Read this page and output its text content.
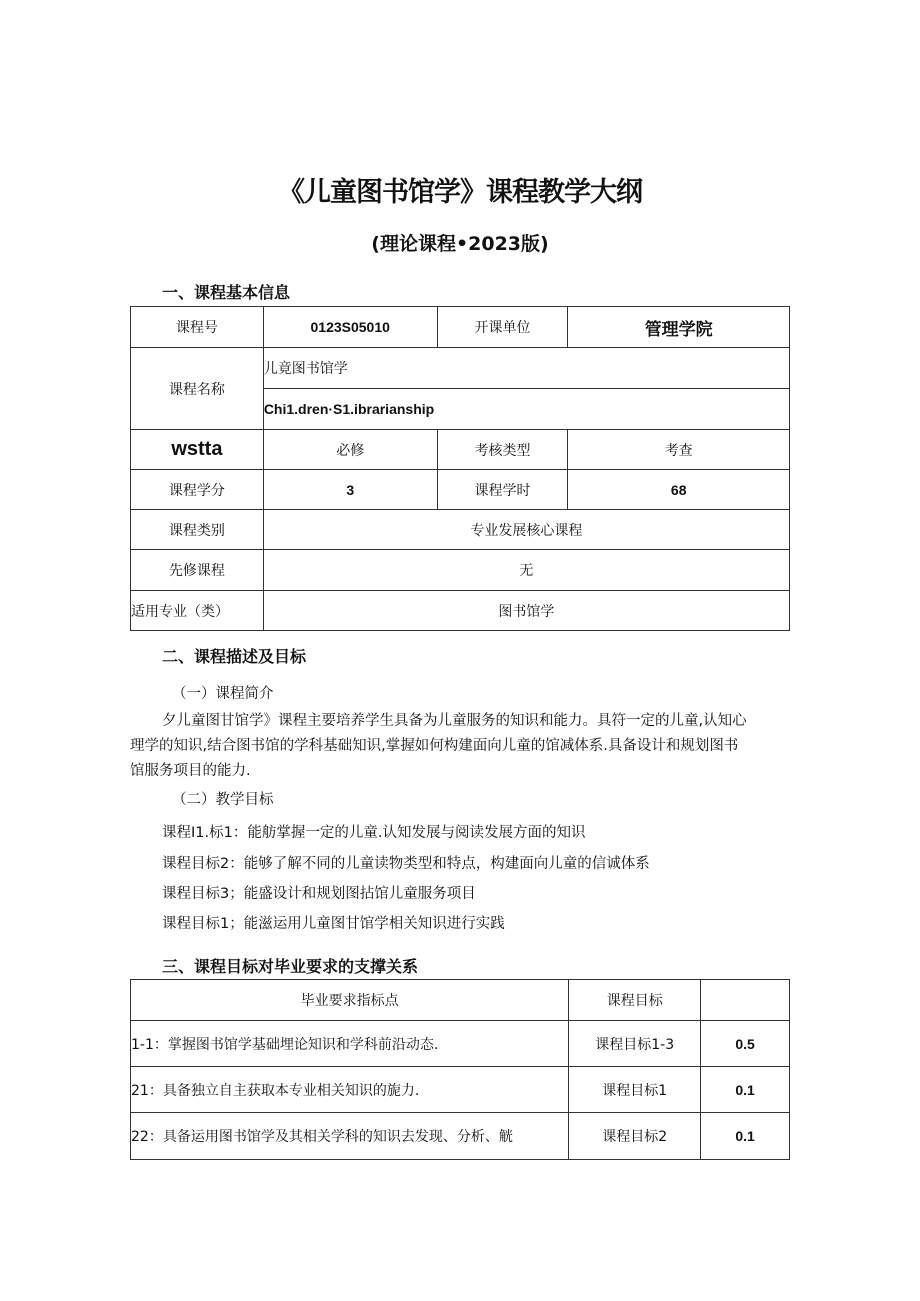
《儿童图书馆学》课程教学大纲
(理论课程•2023版)
一、课程基本信息
课程号	0123S05010	开课单位	管理学院
课程名称	儿竟图书馆学		
	Chi1.dren·S1.ibrarianship		
wstta	必修	考核类型	考查
课程学分	3	课程学时	68
课程类别	专业发展核心课程		
先修课程	无		
适用专业（类）	图书馆学		
二、课程描述及目标
（一）课程简介
夕儿童图甘馆学》课程主要培养学生具备为儿童服务的知识和能力。具符一定的儿童,认知心
理学的知识,结合图书馆的学科基础知识,掌握如何构建面向儿童的馆减体系.具备设计和规划图书
馆服务项目的能力.
（二）教学目标
课程I1.标1：能舫掌握一定的儿童.认知发展与阅读发展方面的知识
课程目标2：能够了解不同的儿童读物类型和特点，构建面向儿童的信诚体系
课程目标3；能盛设计和规划图拈馆儿童服务项目
课程目标1；能滋运用儿童图甘馆学相关知识进行实践
三、课程目标对毕业要求的支撑关系
毕业要求指标点	课程目标	
1-1：掌握图书馆学基础埋论知识和学科前沿动态.	课程目标1-3	0.5
21：具备独立自主获取本专业相关知识的旎力.	课程目标1	0.1
22：具备运用图书馆学及其相关学科的知识去发现、分析、觥	课程目标2	0.1
